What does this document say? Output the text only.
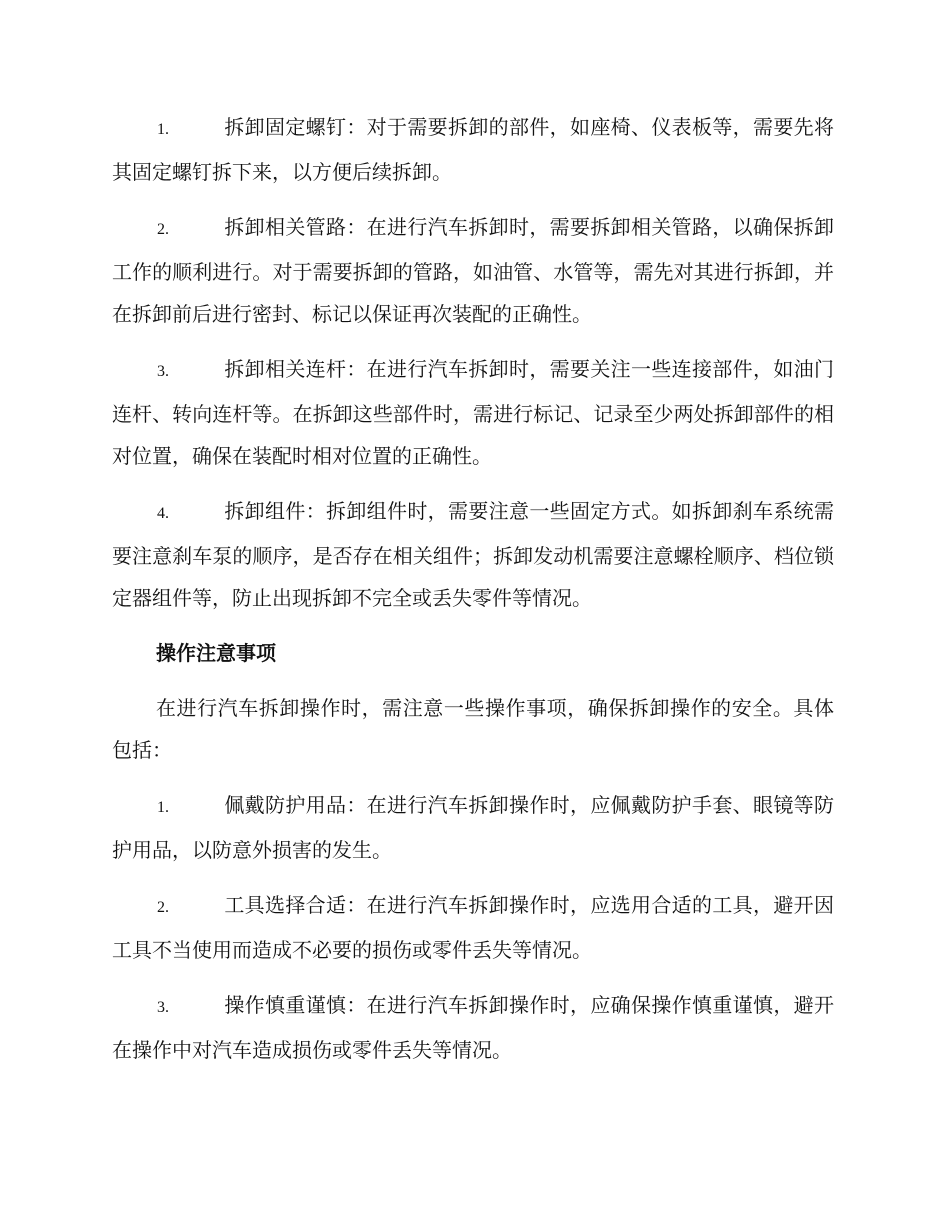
1.	拆卸固定螺钉：对于需要拆卸的部件，如座椅、仪表板等，需要先将其固定螺钉拆下来，以方便后续拆卸。

2.	拆卸相关管路：在进行汽车拆卸时，需要拆卸相关管路，以确保拆卸工作的顺利进行。对于需要拆卸的管路，如油管、水管等，需先对其进行拆卸，并在拆卸前后进行密封、标记以保证再次装配的正确性。

3.	拆卸相关连杆：在进行汽车拆卸时，需要关注一些连接部件，如油门连杆、转向连杆等。在拆卸这些部件时，需进行标记、记录至少两处拆卸部件的相对位置，确保在装配时相对位置的正确性。

4.	拆卸组件：拆卸组件时，需要注意一些固定方式。如拆卸刹车系统需要注意刹车泵的顺序，是否存在相关组件；拆卸发动机需要注意螺栓顺序、档位锁定器组件等，防止出现拆卸不完全或丢失零件等情况。

操作注意事项

在进行汽车拆卸操作时，需注意一些操作事项，确保拆卸操作的安全。具体包括：

1.	佩戴防护用品：在进行汽车拆卸操作时，应佩戴防护手套、眼镜等防护用品，以防意外损害的发生。

2.	工具选择合适：在进行汽车拆卸操作时，应选用合适的工具，避开因工具不当使用而造成不必要的损伤或零件丢失等情况。

3.	操作慎重谨慎：在进行汽车拆卸操作时，应确保操作慎重谨慎，避开在操作中对汽车造成损伤或零件丢失等情况。
